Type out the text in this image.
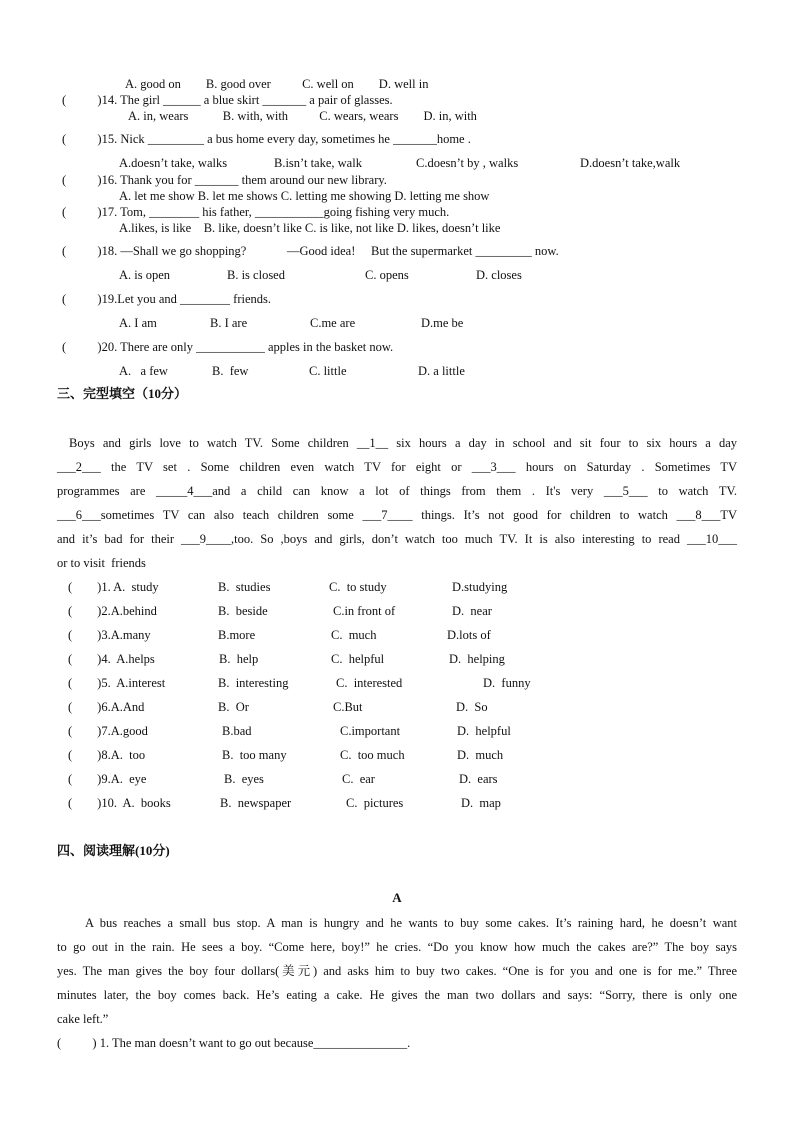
A. good on        B. good over          C. well on        D. well in
(          )14. The girl ______ a blue skirt _______ a pair of glasses.
A. in, wears           B. with, with          C. wears, wears        D. in, with
(          )15. Nick _________ a bus home every day, sometimes he _______home .
A.doesn’t take, walks	B.isn’t take, walk	C.doesn’t by , walks	D.doesn’t take,walk
(          )16. Thank you for _______ them around our new library.
A. let me show B. let me shows C. letting me showing D. letting me show
(          )17. Tom, ________ his father, ___________going fishing very much.
A.likes, is like    B. like, doesn’t like C. is like, not like D. likes, doesn’t like
(          )18. —Shall we go shopping?             —Good idea!     But the supermarket _________ now.
A. is open	B. is closed	C. opens	D. closes
(          )19.Let you and ________ friends.
A. I am	B. I are	C.me are	D.me be
(          )20. There are only ___________ apples in the basket now.
A.   a few	B.  few	C. little	D. a little
三、完型填空（10分）
Boys and girls love to watch TV. Some children __1__ six hours a day in school and sit four to six hours a day
___2___ the TV set . Some children even watch TV for eight or ___3___ hours on Saturday . Sometimes TV
programmes are _____4___and a child can know a lot of things from them . It's very ___5___ to watch TV.
___6___sometimes TV can also teach children some ___7____ things. It’s not good for children to watch ___8___TV
and it’s bad for their ___9____,too. So ,boys and girls, don’t watch too much TV. It is also interesting to read ___10___
or to visit  friends
(        )1. A.  study	B.  studies	C.  to study	D.studying
(        )2.A.behind	B.  beside	C.in front of	D.  near
(        )3.A.many	B.more	C.  much	D.lots of
(        )4.  A.helps	B.  help	C.  helpful	D.  helping
(        )5.  A.interest	B.  interesting	C.  interested	D.  funny
(        )6.A.And	B.  Or	C.But	D.  So
(        )7.A.good	B.bad	C.important	D.  helpful
(        )8.A.  too	B.  too many	C.  too much	D.  much
(        )9.A.  eye	B.  eyes	C.  ear	D.  ears
(        )10.  A.  books	B.  newspaper	C.  pictures	D.  map
四、阅读理解(10分)
A
A bus reaches a small bus stop. A man is hungry and he wants to buy some cakes. It’s raining hard, he doesn’t want
to go out in the rain. He sees a boy. “Come here, boy!” he cries. “Do you know how much the cakes are?” The boy says
yes. The man gives the boy four dollars(美元) and asks him to buy two cakes. “One is for you and one is for me.” Three
minutes later, the boy comes back. He’s eating a cake. He gives the man two dollars and says: “Sorry, there is only one
cake left.”
(          ) 1. The man doesn’t want to go out because_______________.
